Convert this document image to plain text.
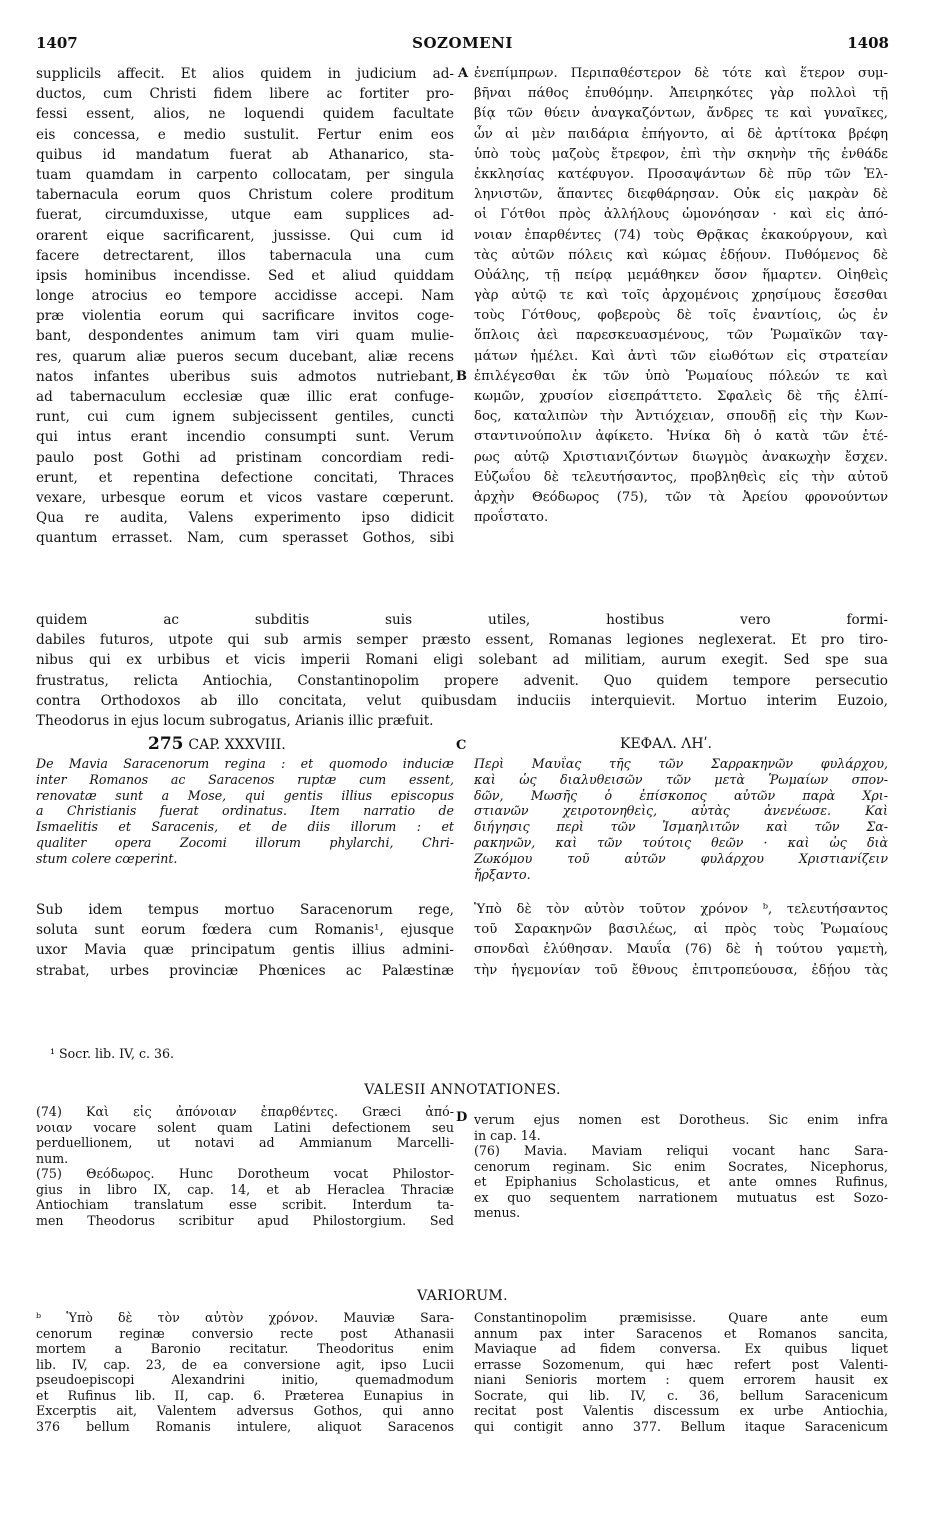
1407	SOZOMENI	1408
supplicils affecit. Et alios quidem in judicium ad-
ductos, cum Christi fidem libere ac fortiter pro-
fessi essent, alios, ne loquendi quidem facultate
eis concessa, e medio sustulit. Fertur enim eos
quibus id mandatum fuerat ab Athanarico, sta-
tuam quamdam in carpento collocatam, per singula
tabernacula eorum quos Christum colere proditum
fuerat, circumduxisse, utque eam supplices ad-
orarent eique sacrificarent, jussisse. Qui cum id
facere detrectarent, illos tabernacula una cum
ipsis hominibus incendisse. Sed et aliud quiddam
longe atrocius eo tempore accidisse accepi. Nam
præ violentia eorum qui sacrificare invitos coge-
bant, despondentes animum tam viri quam mulie-
res, quarum aliæ pueros secum ducebant, aliæ recens
natos infantes uberibus suis admotos nutriebant,
ad tabernaculum ecclesiæ quæ illic erat confuge-
runt, cui cum ignem subjecissent gentiles, cuncti
qui intus erant incendio consumpti sunt. Verum
paulo post Gothi ad pristinam concordiam redi-
erunt, et repentina defectione concitati, Thraces
vexare, urbesque eorum et vicos vastare cœperunt.
Qua re audita, Valens experimento ipso didicit
quantum errasset. Nam, cum sperasset Gothos, sibi
A
B
ἐνεπίμπρων. Περιπαθέστερον δὲ τότε καὶ ἕτερον συμ-
βῆναι πάθος ἐπυθόμην. Ἀπειρηκότες γὰρ πολλοὶ τῇ
βίᾳ τῶν θύειν ἀναγκαζόντων, ἄνδρες τε καὶ γυναῖκες,
ὧν αἱ μὲν παιδάρια ἐπήγοντο, αἱ δὲ ἀρτίτοκα βρέφη
ὑπὸ τοὺς μαζοὺς ἔτρεφον, ἐπὶ τὴν σκηνὴν τῆς ἐνθάδε
ἐκκλησίας κατέφυγον. Προσαψάντων δὲ πῦρ τῶν Ἑλ-
ληνιστῶν, ἅπαντες διεφθάρησαν. Οὐκ εἰς μακρὰν δὲ
οἱ Γότθοι πρὸς ἀλλήλους ὡμονόησαν · καὶ εἰς ἀπό-
νοιαν ἐπαρθέντες (74) τοὺς Θρᾷκας ἐκακούργουν, καὶ
τὰς αὐτῶν πόλεις καὶ κώμας ἐδῄουν. Πυθόμενος δὲ
Οὐάλης, τῇ πείρᾳ μεμάθηκεν ὅσον ἥμαρτεν. Οἰηθεὶς
γὰρ αὐτῷ τε καὶ τοῖς ἀρχομένοις χρησίμους ἔσεσθαι
τοὺς Γότθους, φοβεροὺς δὲ τοῖς ἐναντίοις, ὡς ἐν
ὅπλοις ἀεὶ παρεσκευασμένους, τῶν Ῥωμαϊκῶν ταγ-
μάτων ἠμέλει. Καὶ ἀντὶ τῶν εἰωθότων εἰς στρατείαν
ἐπιλέγεσθαι ἐκ τῶν ὑπὸ Ῥωμαίους πόλεών τε καὶ
κωμῶν, χρυσίον εἰσεπράττετο. Σφαλεὶς δὲ τῆς ἐλπί-
δος, καταλιπὼν τὴν Ἀντιόχειαν, σπουδῇ εἰς τὴν Κων-
σταντινούπολιν ἀφίκετο. Ἡνίκα δὴ ὁ κατὰ τῶν ἑτέ-
ρως αὐτῷ Χριστιανιζόντων διωγμὸς ἀνακωχὴν ἔσχεν.
Εὐζωΐου δὲ τελευτήσαντος, προβληθεὶς εἰς τὴν αὐτοῦ
ἀρχὴν Θεόδωρος (75), τῶν τὰ Ἀρείου φρονούντων
προΐστατο.
quidem ac subditis suis utiles, hostibus vero formi-
dabiles futuros, utpote qui sub armis semper præsto essent, Romanas legiones neglexerat. Et pro tiro-
nibus qui ex urbibus et vicis imperii Romani eligi solebant ad militiam, aurum exegit. Sed spe sua
frustratus, relicta Antiochia, Constantinopolim propere advenit. Quo quidem tempore persecutio
contra Orthodoxos ab illo concitata, velut quibusdam induciis interquievit. Mortuo interim Euzoio,
Theodorus in ejus locum subrogatus, Arianis illic præfuit.
275 CAP. XXXVIII.	C	ΚΕΦΑΛ. ΛΗʹ.
De Mavia Saracenorum regina : et quomodo induciæ
inter Romanos ac Saracenos ruptæ cum essent,
renovatæ sunt a Mose, qui gentis illius episcopus
a Christianis fuerat ordinatus. Item narratio de
Ismaelitis et Saracenis, et de diis illorum : et
qualiter opera Zocomi illorum phylarchi, Chri-
stum colere cœperint.
Περὶ Μαυΐας τῆς τῶν Σαρρακηνῶν φυλάρχου,
καὶ ὡς διαλυθεισῶν τῶν μετὰ Ῥωμαίων σπον-
δῶν, Μωσῆς ὁ ἐπίσκοπος αὐτῶν παρὰ Χρι-
στιανῶν χειροτονηθεὶς, αὐτὰς ἀνενέωσε. Καὶ
διήγησις περὶ τῶν Ἰσμαηλιτῶν καὶ τῶν Σα-
ρακηνῶν, καὶ τῶν τούτοις θεῶν · καὶ ὡς διὰ
Ζωκόμου τοῦ αὐτῶν φυλάρχου Χριστιανίζειν
ἤρξαντο.
Sub idem tempus mortuo Saracenorum rege,
soluta sunt eorum fœdera cum Romanis¹, ejusque
uxor Mavia quæ principatum gentis illius admini-
strabat, urbes provinciæ Phœnices ac Palæstinæ
Ὑπὸ δὲ τὸν αὐτὸν τοῦτον χρόνον ᵇ, τελευτήσαντος
τοῦ Σαρακηνῶν βασιλέως, αἱ πρὸς τοὺς Ῥωμαίους
σπονδαὶ ἐλύθησαν. Μαυΐα (76) δὲ ἡ τούτου γαμετὴ,
τὴν ἡγεμονίαν τοῦ ἔθνους ἐπιτροπεύουσα, ἐδῄου τὰς
¹ Socr. lib. IV, c. 36.
VALESII ANNOTATIONES.
D
(74) Καὶ εἰς ἀπόνοιαν ἐπαρθέντες. Græci ἀπό-
νοιαν vocare solent quam Latini defectionem seu
perduellionem, ut notavi ad Ammianum Marcelli-
num.
(75) Θεόδωρος. Hunc Dorotheum vocat Philostor-
gius in libro IX, cap. 14, et ab Heraclea Thraciæ
Antiochiam translatum esse scribit. Interdum ta-
men Theodorus scribitur apud Philostorgium. Sed
verum ejus nomen est Dorotheus. Sic enim infra
in cap. 14.
(76) Mavia. Maviam reliqui vocant hanc Sara-
cenorum reginam. Sic enim Socrates, Nicephorus,
et Epiphanius Scholasticus, et ante omnes Rufinus,
ex quo sequentem narrationem mutuatus est Sozo-
menus.
VARIORUM.
ᵇ Ὑπὸ δὲ τὸν αὐτὸν χρόνον. Mauviæ Sara-
cenorum reginæ conversio recte post Athanasii
mortem a Baronio recitatur. Theodoritus enim
lib. IV, cap. 23, de ea conversione agit, ipso Lucii
pseudoepiscopi Alexandrini initio, quemadmodum
et Rufinus lib. II, cap. 6. Præterea Eunapius in
Excerptis ait, Valentem adversus Gothos, qui anno
376 bellum Romanis intulere, aliquot Saracenos
Constantinopolim præmisisse. Quare ante eum
annum pax inter Saracenos et Romanos sancita,
Maviaque ad fidem conversa. Ex quibus liquet
errasse Sozomenum, qui hæc refert post Valenti-
niani Senioris mortem : quem errorem hausit ex
Socrate, qui lib. IV, c. 36, bellum Saracenicum
recitat post Valentis discessum ex urbe Antiochia,
qui contigit anno 377. Bellum itaque Saracenicum
